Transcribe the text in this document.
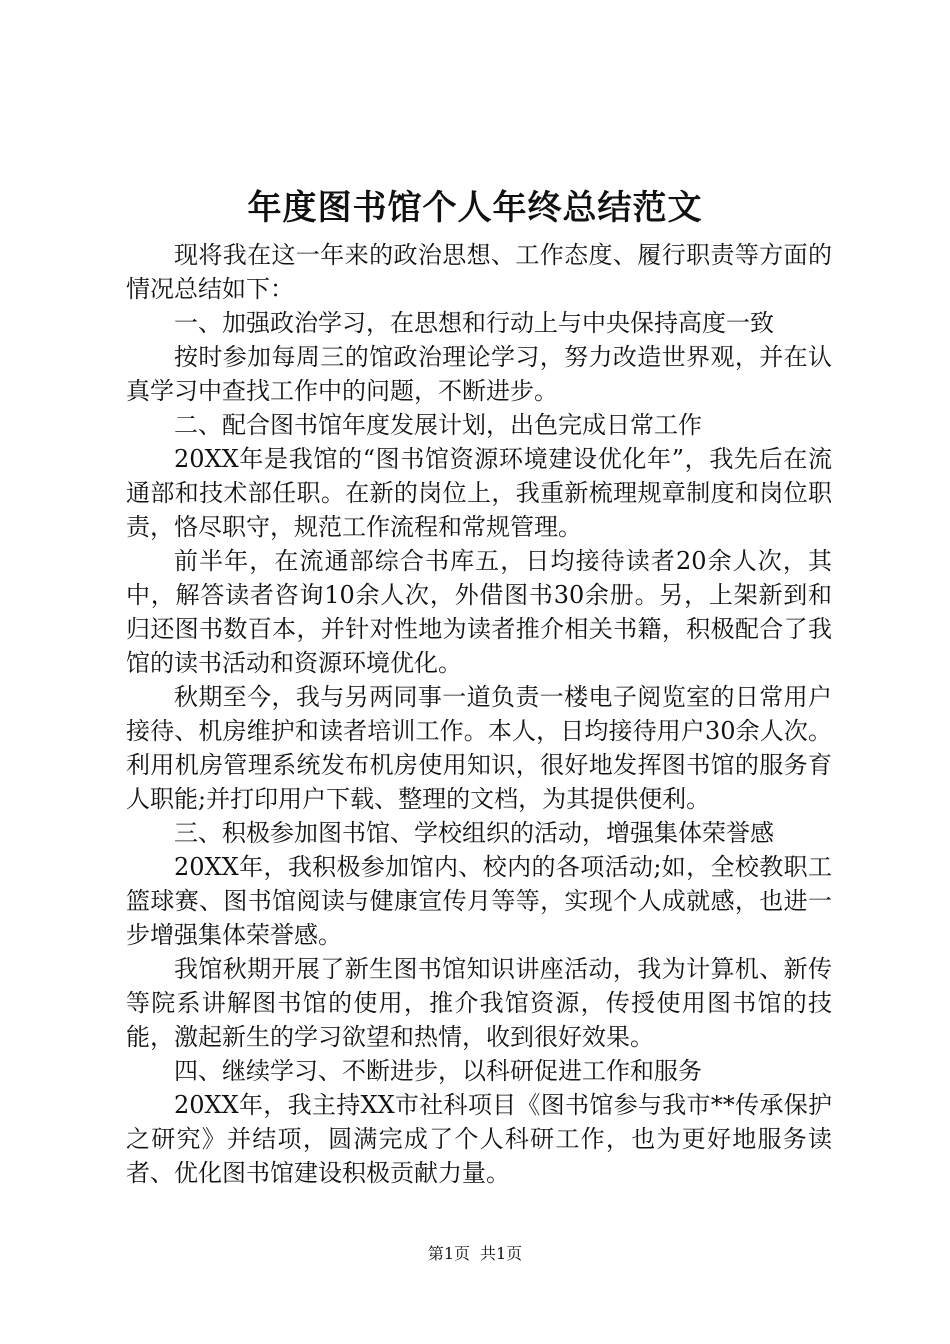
年度图书馆个人年终总结范文

现将我在这一年来的政治思想、工作态度、履行职责等方面的情况总结如下：

一、加强政治学习，在思想和行动上与中央保持高度一致

按时参加每周三的馆政治理论学习，努力改造世界观，并在认真学习中查找工作中的问题，不断进步。

二、配合图书馆年度发展计划，出色完成日常工作

20XX年是我馆的“图书馆资源环境建设优化年”，我先后在流通部和技术部任职。在新的岗位上，我重新梳理规章制度和岗位职责，恪尽职守，规范工作流程和常规管理。

前半年，在流通部综合书库五，日均接待读者20余人次，其中，解答读者咨询10余人次，外借图书30余册。另，上架新到和归还图书数百本，并针对性地为读者推介相关书籍，积极配合了我馆的读书活动和资源环境优化。

秋期至今，我与另两同事一道负责一楼电子阅览室的日常用户接待、机房维护和读者培训工作。本人，日均接待用户30余人次。利用机房管理系统发布机房使用知识，很好地发挥图书馆的服务育人职能;并打印用户下载、整理的文档，为其提供便利。

三、积极参加图书馆、学校组织的活动，增强集体荣誉感

20XX年，我积极参加馆内、校内的各项活动;如，全校教职工篮球赛、图书馆阅读与健康宣传月等等，实现个人成就感，也进一步增强集体荣誉感。

我馆秋期开展了新生图书馆知识讲座活动，我为计算机、新传等院系讲解图书馆的使用，推介我馆资源，传授使用图书馆的技能，激起新生的学习欲望和热情，收到很好效果。

四、继续学习、不断进步，以科研促进工作和服务

20XX年，我主持XX市社科项目《图书馆参与我市**传承保护之研究》并结项，圆满完成了个人科研工作，也为更好地服务读者、优化图书馆建设积极贡献力量。

第1页 共1页
